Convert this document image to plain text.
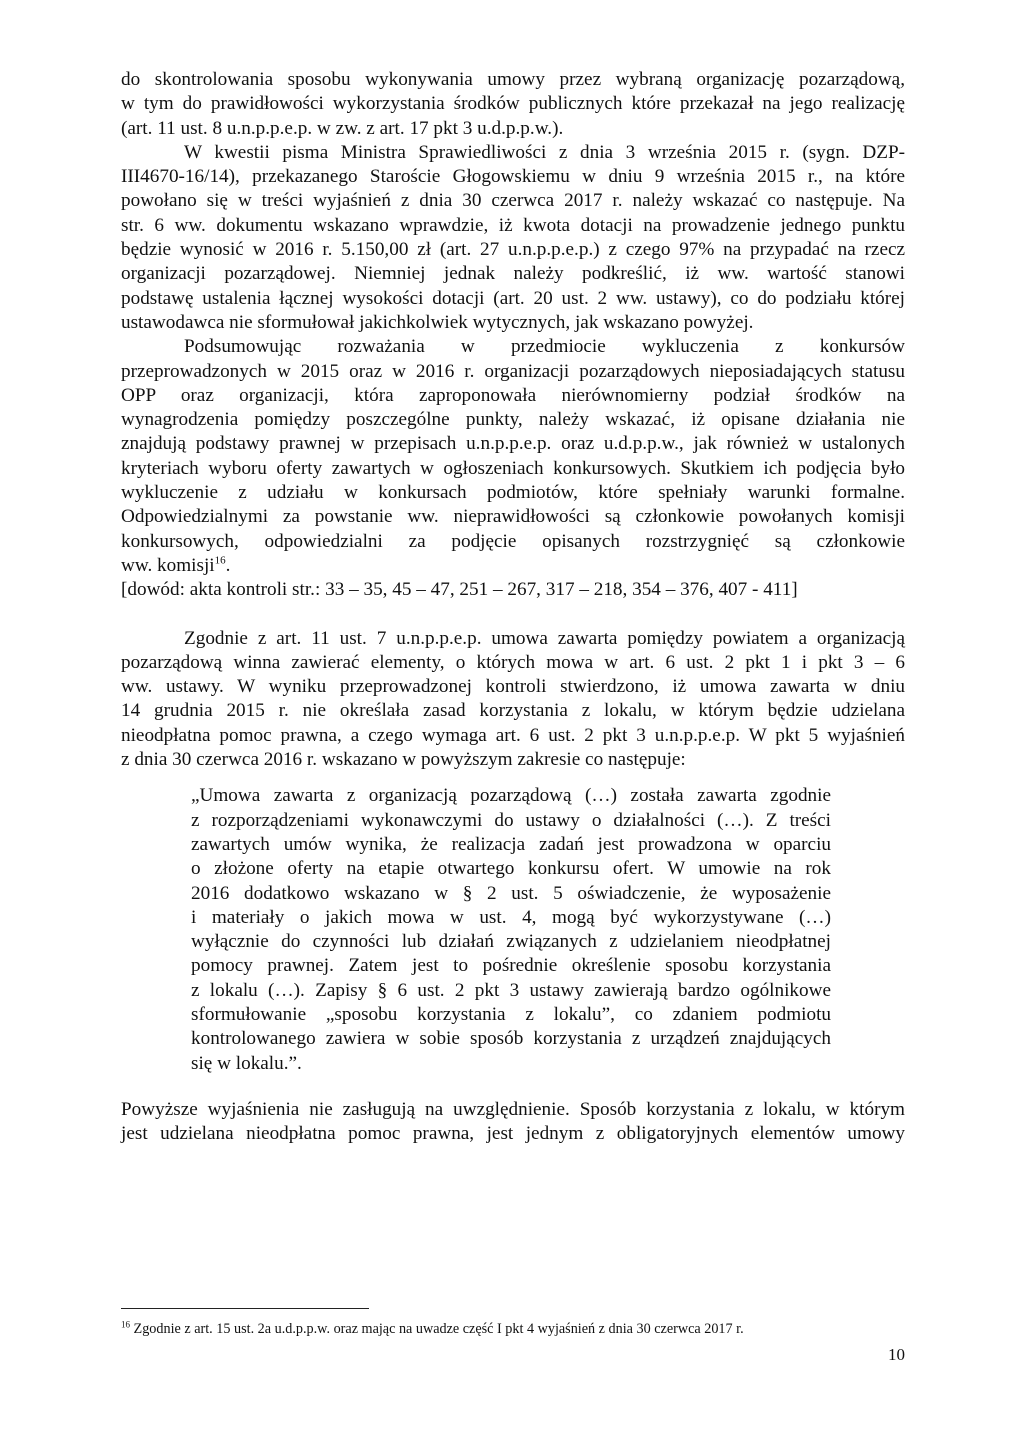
do skontrolowania sposobu wykonywania umowy przez wybraną organizację pozarządową,
w tym do prawidłowości wykorzystania środków publicznych które przekazał na jego realizację
(art. 11 ust. 8 u.n.p.p.e.p. w zw. z art. 17 pkt 3 u.d.p.p.w.).
W kwestii pisma Ministra Sprawiedliwości z dnia 3 września 2015 r. (sygn. DZP-
III4670-16/14), przekazanego Staroście Głogowskiemu w dniu 9 września 2015 r., na które
powołano się w treści wyjaśnień z dnia 30 czerwca 2017 r. należy wskazać co następuje. Na
str. 6 ww. dokumentu wskazano wprawdzie, iż kwota dotacji na prowadzenie jednego punktu
będzie wynosić w 2016 r. 5.150,00 zł (art. 27 u.n.p.p.e.p.) z czego 97% na przypadać na rzecz
organizacji pozarządowej. Niemniej jednak należy podkreślić, iż ww. wartość stanowi
podstawę ustalenia łącznej wysokości dotacji (art. 20 ust. 2 ww. ustawy), co do podziału której
ustawodawca nie sformułował jakichkolwiek wytycznych, jak wskazano powyżej.
Podsumowując rozważania w przedmiocie wykluczenia z konkursów
przeprowadzonych w 2015 oraz w 2016 r. organizacji pozarządowych nieposiadających statusu
OPP oraz organizacji, która zaproponowała nierównomierny podział środków na
wynagrodzenia pomiędzy poszczególne punkty, należy wskazać, iż opisane działania nie
znajdują podstawy prawnej w przepisach u.n.p.p.e.p. oraz u.d.p.p.w., jak również w ustalonych
kryteriach wyboru oferty zawartych w ogłoszeniach konkursowych. Skutkiem ich podjęcia było
wykluczenie z udziału w konkursach podmiotów, które spełniały warunki formalne.
Odpowiedzialnymi za powstanie ww. nieprawidłowości są członkowie powołanych komisji
konkursowych, odpowiedzialni za podjęcie opisanych rozstrzygnięć są członkowie
ww. komisji$^{16}$.
[dowód: akta kontroli str.: 33 – 35, 45 – 47, 251 – 267, 317 – 218, 354 – 376, 407 - 411]
Zgodnie z art. 11 ust. 7 u.n.p.p.e.p. umowa zawarta pomiędzy powiatem a organizacją
pozarządową winna zawierać elementy, o których mowa w art. 6 ust. 2 pkt 1 i pkt 3 – 6
ww. ustawy. W wyniku przeprowadzonej kontroli stwierdzono, iż umowa zawarta w dniu
14 grudnia 2015 r. nie określała zasad korzystania z lokalu, w którym będzie udzielana
nieodpłatna pomoc prawna, a czego wymaga art. 6 ust. 2 pkt 3 u.n.p.p.e.p. W pkt 5 wyjaśnień
z dnia 30 czerwca 2016 r. wskazano w powyższym zakresie co następuje:
„Umowa zawarta z organizacją pozarządową (…) została zawarta zgodnie
z rozporządzeniami wykonawczymi do ustawy o działalności (…). Z treści
zawartych umów wynika, że realizacja zadań jest prowadzona w oparciu
o złożone oferty na etapie otwartego konkursu ofert. W umowie na rok
2016 dodatkowo wskazano w § 2 ust. 5 oświadczenie, że wyposażenie
i materiały o jakich mowa w ust. 4, mogą być wykorzystywane (…)
wyłącznie do czynności lub działań związanych z udzielaniem nieodpłatnej
pomocy prawnej. Zatem jest to pośrednie określenie sposobu korzystania
z lokalu (…). Zapisy § 6 ust. 2 pkt 3 ustawy zawierają bardzo ogólnikowe
sformułowanie „sposobu korzystania z lokalu”, co zdaniem podmiotu
kontrolowanego zawiera w sobie sposób korzystania z urządzeń znajdujących
się w lokalu.”.
Powyższe wyjaśnienia nie zasługują na uwzględnienie. Sposób korzystania z lokalu, w którym
jest udzielana nieodpłatna pomoc prawna, jest jednym z obligatoryjnych elementów umowy
$^{16}$ Zgodnie z art. 15 ust. 2a u.d.p.p.w. oraz mając na uwadze część I pkt 4 wyjaśnień z dnia 30 czerwca 2017 r.
10
